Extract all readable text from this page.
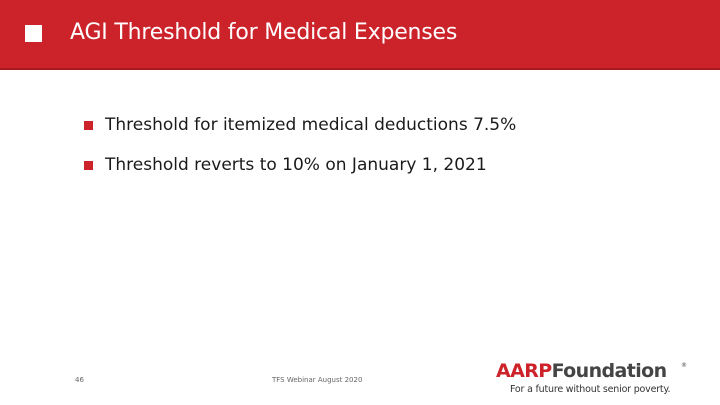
AGI Threshold for Medical Expenses
Threshold for itemized medical deductions 7.5%
Threshold reverts to 10% on January 1, 2021
46	TFS Webinar August 2020	AARPFoundation ®
For a future without senior poverty.
